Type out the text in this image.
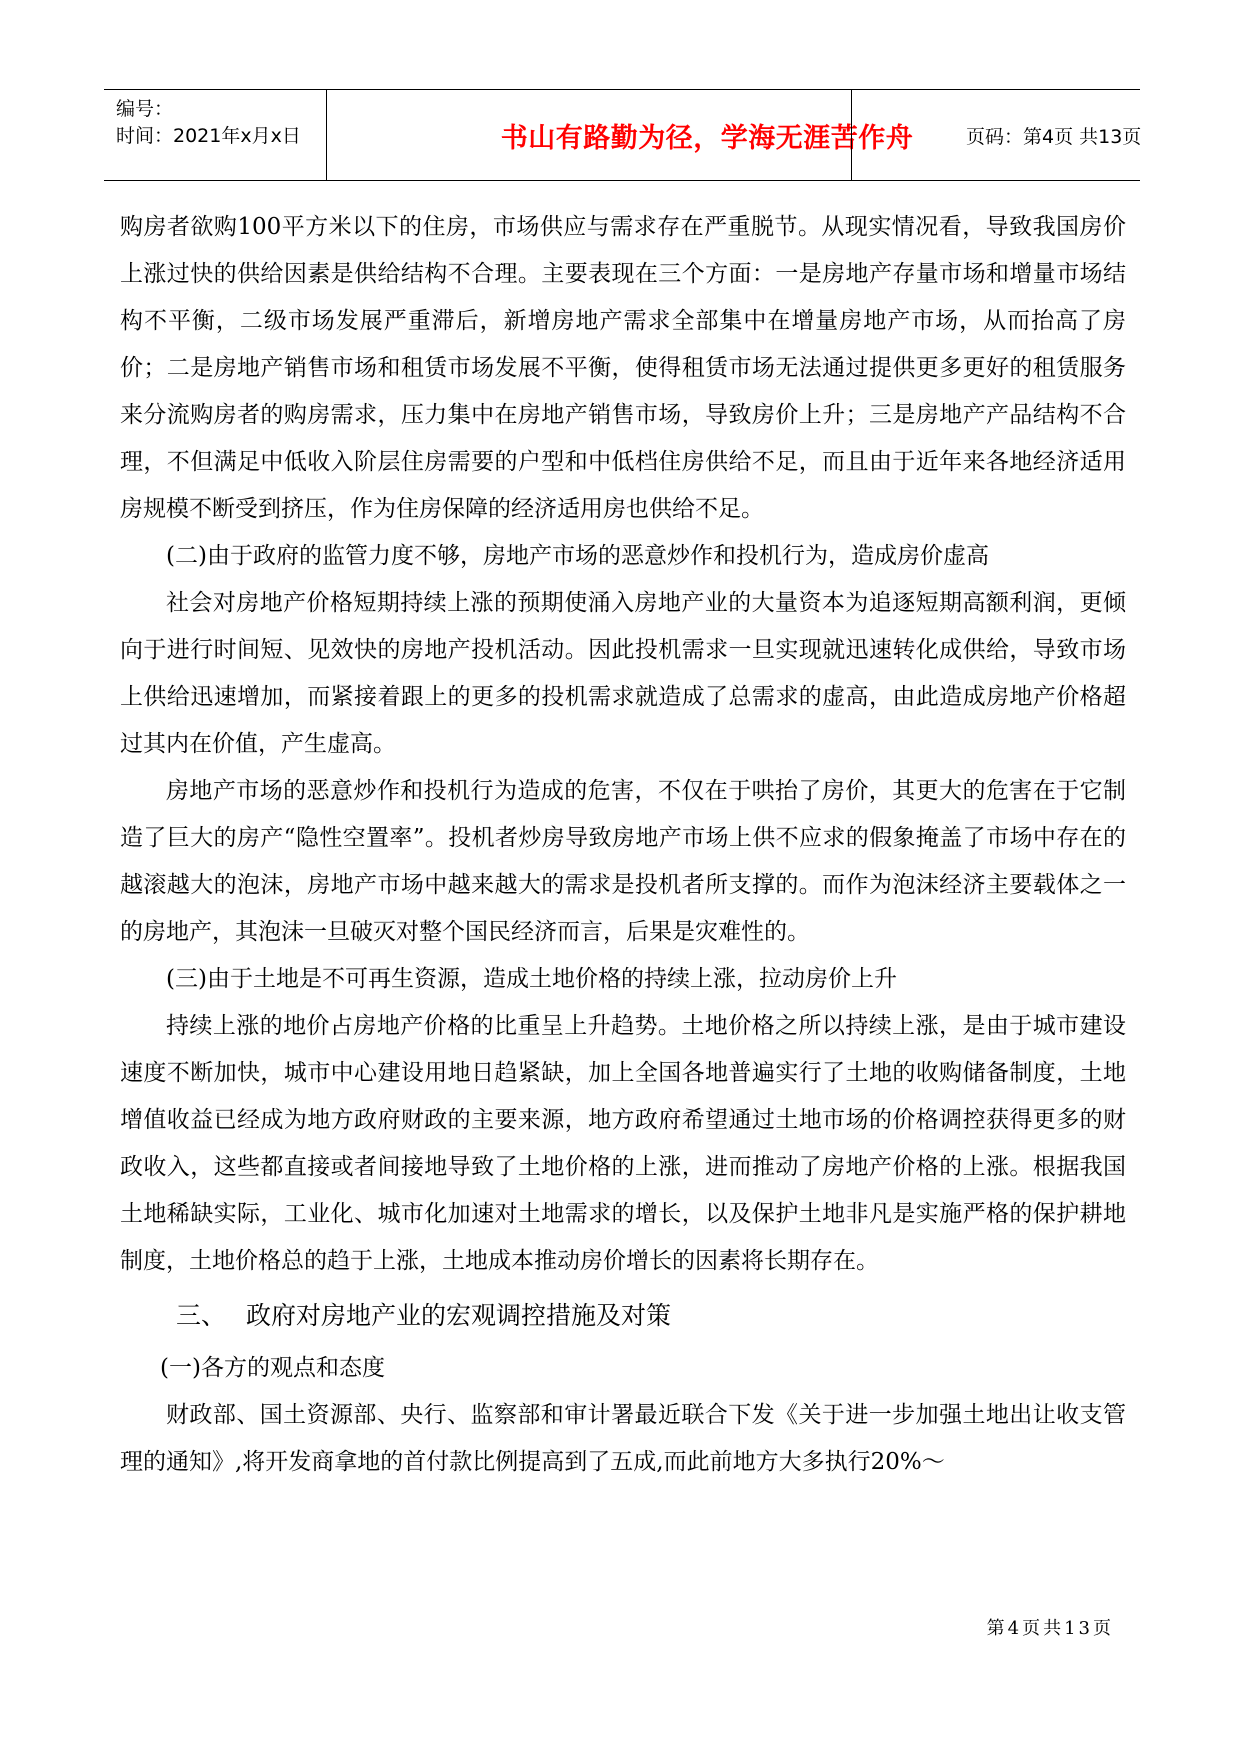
编号：
时间：2021年x月x日	书山有路勤为径，学海无涯苦作舟	页码：第4页 共13页

购房者欲购100平方米以下的住房，市场供应与需求存在严重脱节。从现实情况看，导致我国房价上涨过快的供给因素是供给结构不合理。主要表现在三个方面：一是房地产存量市场和增量市场结构不平衡，二级市场发展严重滞后，新增房地产需求全部集中在增量房地产市场，从而抬高了房价；二是房地产销售市场和租赁市场发展不平衡，使得租赁市场无法通过提供更多更好的租赁服务来分流购房者的购房需求，压力集中在房地产销售市场，导致房价上升；三是房地产产品结构不合理，不但满足中低收入阶层住房需要的户型和中低档住房供给不足，而且由于近年来各地经济适用房规模不断受到挤压，作为住房保障的经济适用房也供给不足。

(二)由于政府的监管力度不够，房地产市场的恶意炒作和投机行为，造成房价虚高

社会对房地产价格短期持续上涨的预期使涌入房地产业的大量资本为追逐短期高额利润，更倾向于进行时间短、见效快的房地产投机活动。因此投机需求一旦实现就迅速转化成供给，导致市场上供给迅速增加，而紧接着跟上的更多的投机需求就造成了总需求的虚高，由此造成房地产价格超过其内在价值，产生虚高。

房地产市场的恶意炒作和投机行为造成的危害，不仅在于哄抬了房价，其更大的危害在于它制造了巨大的房产“隐性空置率”。投机者炒房导致房地产市场上供不应求的假象掩盖了市场中存在的越滚越大的泡沫，房地产市场中越来越大的需求是投机者所支撑的。而作为泡沫经济主要载体之一的房地产，其泡沫一旦破灭对整个国民经济而言，后果是灾难性的。

(三)由于土地是不可再生资源，造成土地价格的持续上涨，拉动房价上升

持续上涨的地价占房地产价格的比重呈上升趋势。土地价格之所以持续上涨，是由于城市建设速度不断加快，城市中心建设用地日趋紧缺，加上全国各地普遍实行了土地的收购储备制度，土地增值收益已经成为地方政府财政的主要来源，地方政府希望通过土地市场的价格调控获得更多的财政收入，这些都直接或者间接地导致了土地价格的上涨，进而推动了房地产价格的上涨。根据我国土地稀缺实际，工业化、城市化加速对土地需求的增长，以及保护土地非凡是实施严格的保护耕地制度，土地价格总的趋于上涨，土地成本推动房价增长的因素将长期存在。

三、 政府对房地产业的宏观调控措施及对策

(一)各方的观点和态度

财政部、国土资源部、央行、监察部和审计署最近联合下发《关于进一步加强土地出让收支管理的通知》,将开发商拿地的首付款比例提高到了五成,而此前地方大多执行20%～

第4页共13页
